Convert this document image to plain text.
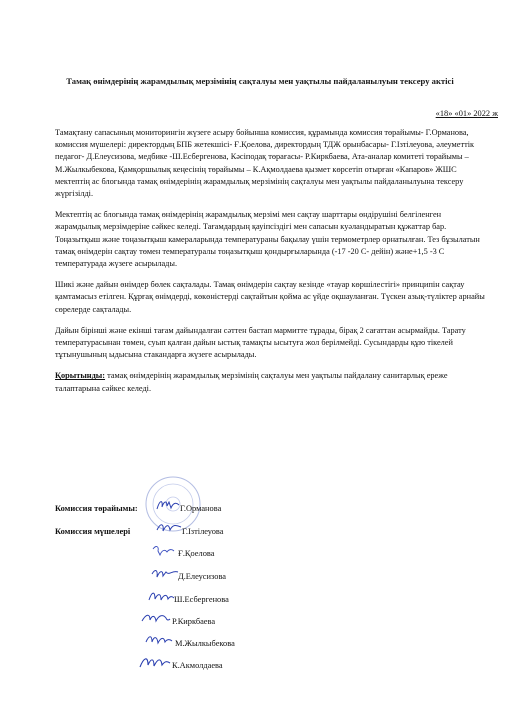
Тамақ өнімдерінің жарамдылық мерзімінің сақталуы мен уақтылы пайдаланылуын тексеру актісі
«18» «01» 2022 ж

Тамақтану сапасының мониторингін жүзеге асыру бойынша комиссия, құрамында комиссия төрайымы- Г.Орманова, комиссия мүшелері: директордың БПБ жетекшісі- Ғ.Қоелова, директордың ТДЖ орынбасары- Г.Ізтілеуова, әлеуметтік педагог- Д.Елеусизова, медбике -Ш.Есбергенова, Кәсіподақ төрағасы- Р.Киркбаева, Ата-аналар комитеті төрайымы –М.Жылкыбекова, Қамқоршылық кеңесінің төрайымы – К.Ақмолдаева қызмет көрсетіп отырған «Капаров» ЖШС мектептің ас блогында тамақ өнімдерінің жарамдылық мерзімінің сақталуы мен уақтылы пайдаланылуына тексеру жүргізілді.

Мектептің ас блогында тамақ өнімдерінің жарамдылық мерзімі мен сақтау шарттары өндірушіні белгіленген жарамдылық мерзімдеріне сәйкес келеді. Тағамдардың қауіпсіздігі мен сапасын куәландыратын құжаттар бар. Тоңазытқыш және тоңазытқыш камераларында температураны бақылау үшін термометрлер орнатылған. Тез бұзылатын тамақ өнімдерін сақтау төмен температуралы тоңазытқыш қондырғыларында (-17 -20 С- дейін) және+1,5 -3 С температурада жүзеге асырылады.

Шикі және дайын өнімдер бөлек сақталады. Тамақ өнімдерін сақтау кезінде «тауар көршілестігі» принципін сақтау қамтамасыз етілген. Құрғақ өнімдерді, көкөністерді сақтайтын қойма ас үйде оқшауланған. Түскен азық-түліктер арнайы сөрелерде сақталады.

Дайын бірінші және екінші тағам дайындалған сәттен бастап мармитте тұрады, бірақ 2 сағаттан асырмайды. Тарату температурасынан төмен, суып қалған дайын ыстық тамақты ысытуға жол берілмейді. Сусындарды құю тікелей тұтынушының ыдысына стакандарға жүзеге асырылады.

Қорытынды: тамақ өнімдерінің жарамдылық мерзімінің сақталуы мен уақтылы пайдалану санитарлық ереже талаптарына сәйкес келеді.

Комиссия төрайымы:	Г.Орманова
Комиссия мүшелері	Г.Ізтілеуова
Ғ.Қоелова
Д.Елеусизова
Ш.Есбергенова
Р.Киркбаева
М.Жылкыбекова
К.Акмолдаева
